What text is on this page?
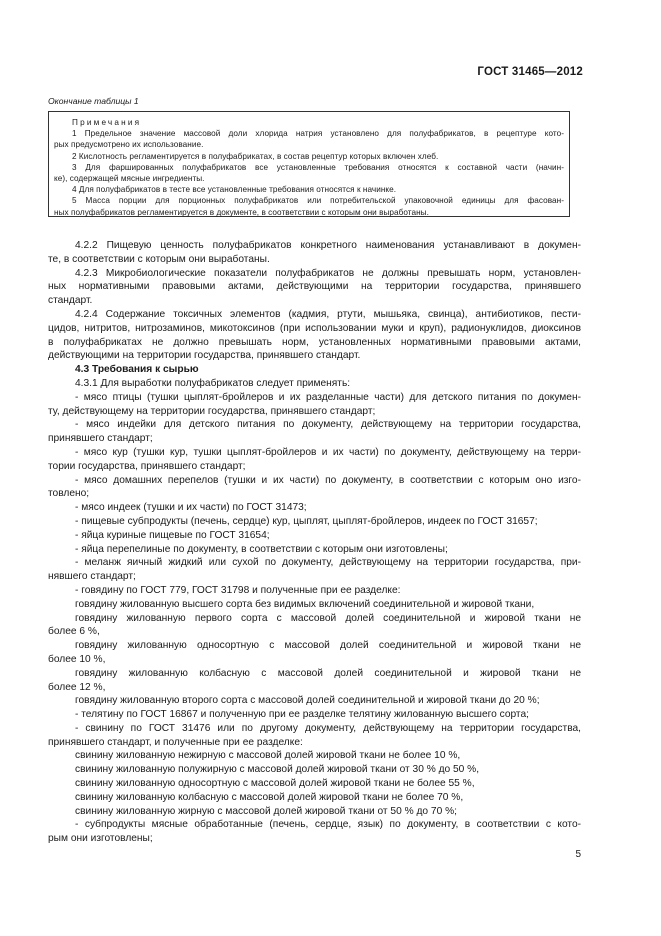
ГОСТ 31465—2012
Окончание таблицы 1
Примечания
1 Предельное значение массовой доли хлорида натрия установлено для полуфабрикатов, в рецептуре кото-
рых предусмотрено их использование.
2 Кислотность регламентируется в полуфабрикатах, в состав рецептур которых включен хлеб.
3 Для фаршированных полуфабрикатов все установленные требования относятся к составной части (начин-
ке), содержащей мясные ингредиенты.
4 Для полуфабрикатов в тесте все установленные требования относятся к начинке.
5 Масса порции для порционных полуфабрикатов или потребительской упаковочной единицы для фасован-
ных полуфабрикатов регламентируется в документе, в соответствии с которым они выработаны.
4.2.2 Пищевую ценность полуфабрикатов конкретного наименования устанавливают в докумен-
те, в соответствии с которым они выработаны.
4.2.3 Микробиологические показатели полуфабрикатов не должны превышать норм, установлен-
ных нормативными правовыми актами, действующими на территории государства, принявшего
стандарт.
4.2.4 Содержание токсичных элементов (кадмия, ртути, мышьяка, свинца), антибиотиков, пести-
цидов, нитритов, нитрозаминов, микотоксинов (при использовании муки и круп), радионуклидов, диоксинов
в полуфабрикатах не должно превышать норм, установленных нормативными правовыми актами,
действующими на территории государства, принявшего стандарт.
4.3 Требования к сырью
4.3.1 Для выработки полуфабрикатов следует применять:
- мясо птицы (тушки цыплят-бройлеров и их разделанные части) для детского питания по докумен-
ту, действующему на территории государства, принявшего стандарт;
- мясо индейки для детского питания по документу, действующему на территории государства,
принявшего стандарт;
- мясо кур (тушки кур, тушки цыплят-бройлеров и их части) по документу, действующему на терри-
тории государства, принявшего стандарт;
- мясо домашних перепелов (тушки и их части) по документу, в соответствии с которым оно изго-
товлено;
- мясо индеек (тушки и их части) по ГОСТ 31473;
- пищевые субпродукты (печень, сердце) кур, цыплят, цыплят-бройлеров, индеек по ГОСТ 31657;
- яйца куриные пищевые по ГОСТ 31654;
- яйца перепелиные по документу, в соответствии с которым они изготовлены;
- меланж яичный жидкий или сухой по документу, действующему на территории государства, при-
нявшего стандарт;
- говядину по ГОСТ 779, ГОСТ 31798 и полученные при ее разделке:
говядину жилованную высшего сорта без видимых включений соединительной и жировой ткани,
говядину жилованную первого сорта с массовой долей соединительной и жировой ткани не
более 6 %,
говядину жилованную односортную с массовой долей соединительной и жировой ткани не
более 10 %,
говядину жилованную колбасную с массовой долей соединительной и жировой ткани не
более 12 %,
говядину жилованную второго сорта с массовой долей соединительной и жировой ткани до 20 %;
- телятину по ГОСТ 16867 и полученную при ее разделке телятину жилованную высшего сорта;
- свинину по ГОСТ 31476 или по другому документу, действующему на территории государства,
принявшего стандарт, и полученные при ее разделке:
свинину жилованную нежирную с массовой долей жировой ткани не более 10 %,
свинину жилованную полужирную с массовой долей жировой ткани от 30 % до 50 %,
свинину жилованную односортную с массовой долей жировой ткани не более 55 %,
свинину жилованную колбасную с массовой долей жировой ткани не более 70 %,
свинину жилованную жирную с массовой долей жировой ткани от 50 % до 70 %;
- субпродукты мясные обработанные (печень, сердце, язык) по документу, в соответствии с кото-
рым они изготовлены;
5
